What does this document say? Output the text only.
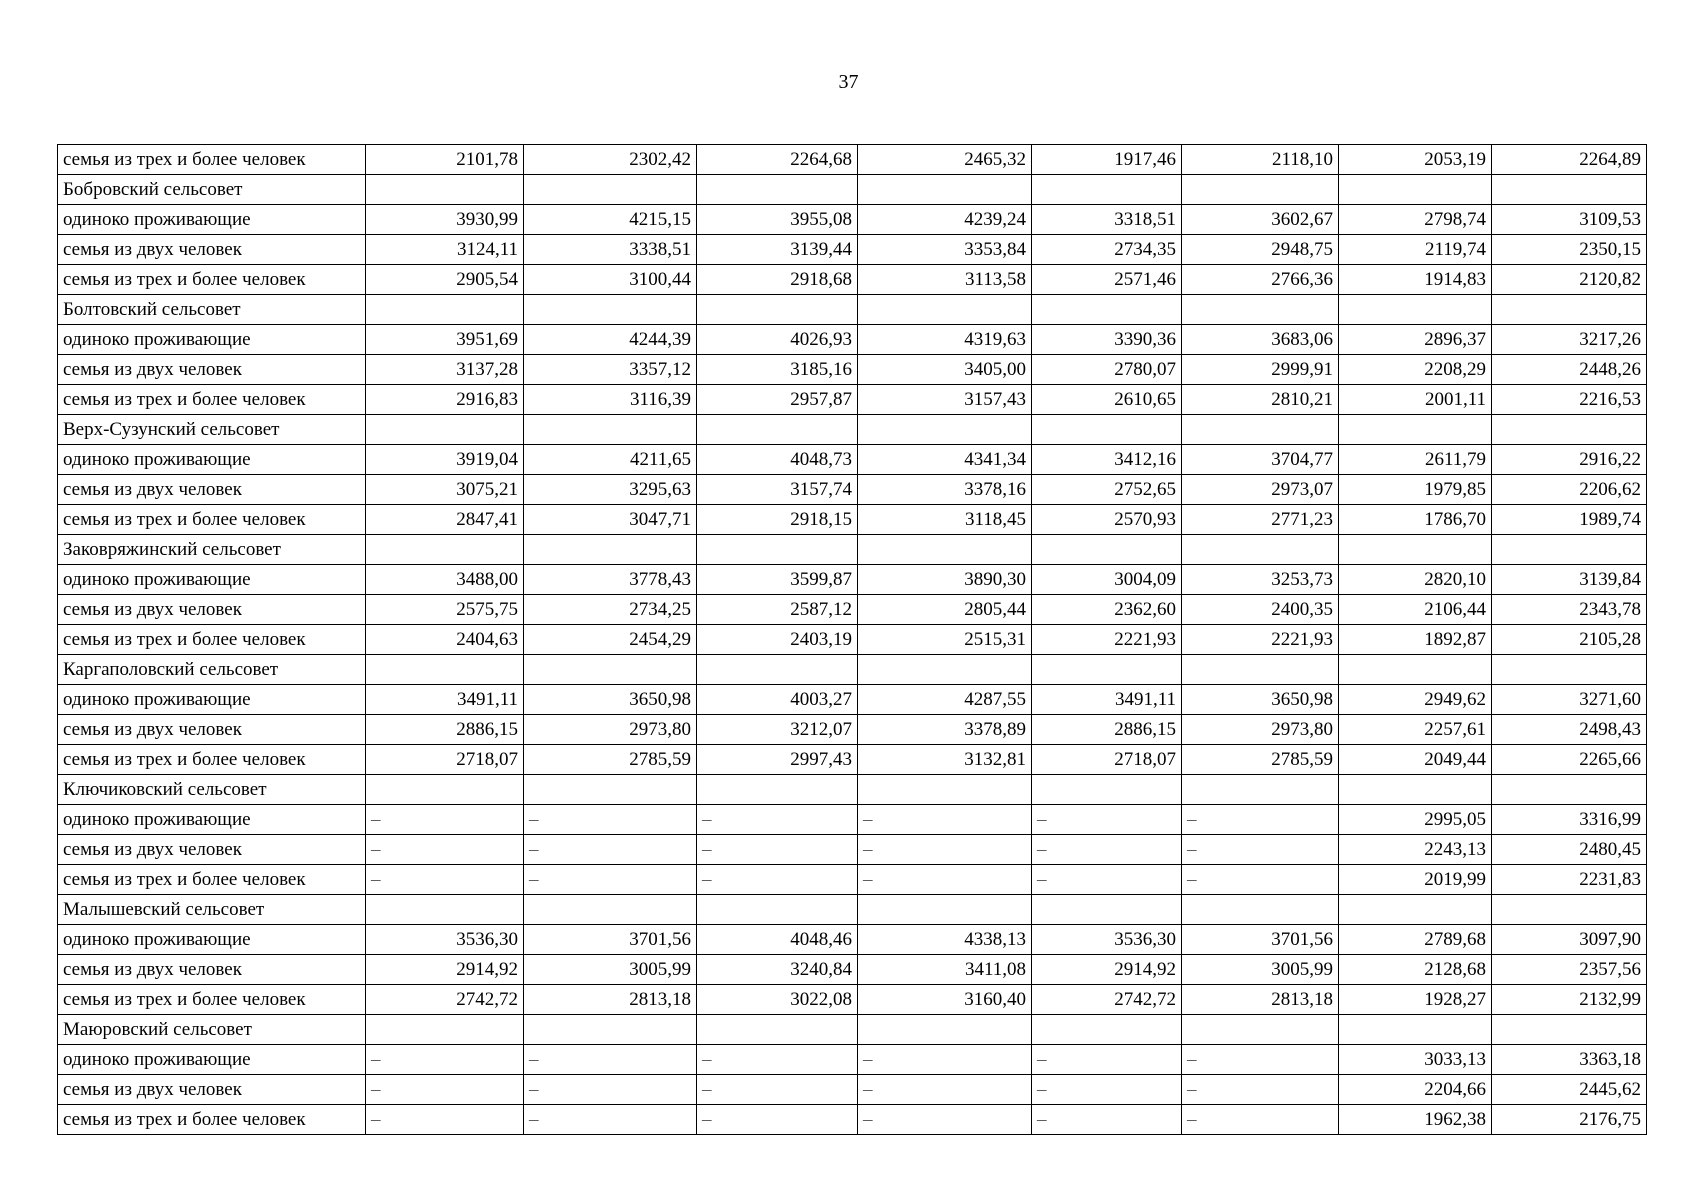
37
семья из трех и более человек	2101,78	2302,42	2264,68	2465,32	1917,46	2118,10	2053,19	2264,89
Бобровский сельсовет								
одиноко проживающие	3930,99	4215,15	3955,08	4239,24	3318,51	3602,67	2798,74	3109,53
семья из двух человек	3124,11	3338,51	3139,44	3353,84	2734,35	2948,75	2119,74	2350,15
семья из трех и более человек	2905,54	3100,44	2918,68	3113,58	2571,46	2766,36	1914,83	2120,82
Болтовский сельсовет								
одиноко проживающие	3951,69	4244,39	4026,93	4319,63	3390,36	3683,06	2896,37	3217,26
семья из двух человек	3137,28	3357,12	3185,16	3405,00	2780,07	2999,91	2208,29	2448,26
семья из трех и более человек	2916,83	3116,39	2957,87	3157,43	2610,65	2810,21	2001,11	2216,53
Верх-Сузунский сельсовет								
одиноко проживающие	3919,04	4211,65	4048,73	4341,34	3412,16	3704,77	2611,79	2916,22
семья из двух человек	3075,21	3295,63	3157,74	3378,16	2752,65	2973,07	1979,85	2206,62
семья из трех и более человек	2847,41	3047,71	2918,15	3118,45	2570,93	2771,23	1786,70	1989,74
Заковряжинский сельсовет								
одиноко проживающие	3488,00	3778,43	3599,87	3890,30	3004,09	3253,73	2820,10	3139,84
семья из двух человек	2575,75	2734,25	2587,12	2805,44	2362,60	2400,35	2106,44	2343,78
семья из трех и более человек	2404,63	2454,29	2403,19	2515,31	2221,93	2221,93	1892,87	2105,28
Каргаполовский сельсовет								
одиноко проживающие	3491,11	3650,98	4003,27	4287,55	3491,11	3650,98	2949,62	3271,60
семья из двух человек	2886,15	2973,80	3212,07	3378,89	2886,15	2973,80	2257,61	2498,43
семья из трех и более человек	2718,07	2785,59	2997,43	3132,81	2718,07	2785,59	2049,44	2265,66
Ключиковский сельсовет								
одиноко проживающие	–	–	–	–	–	–	2995,05	3316,99
семья из двух человек	–	–	–	–	–	–	2243,13	2480,45
семья из трех и более человек	–	–	–	–	–	–	2019,99	2231,83
Малышевский сельсовет								
одиноко проживающие	3536,30	3701,56	4048,46	4338,13	3536,30	3701,56	2789,68	3097,90
семья из двух человек	2914,92	3005,99	3240,84	3411,08	2914,92	3005,99	2128,68	2357,56
семья из трех и более человек	2742,72	2813,18	3022,08	3160,40	2742,72	2813,18	1928,27	2132,99
Маюровский сельсовет								
одиноко проживающие	–	–	–	–	–	–	3033,13	3363,18
семья из двух человек	–	–	–	–	–	–	2204,66	2445,62
семья из трех и более человек	–	–	–	–	–	–	1962,38	2176,75
